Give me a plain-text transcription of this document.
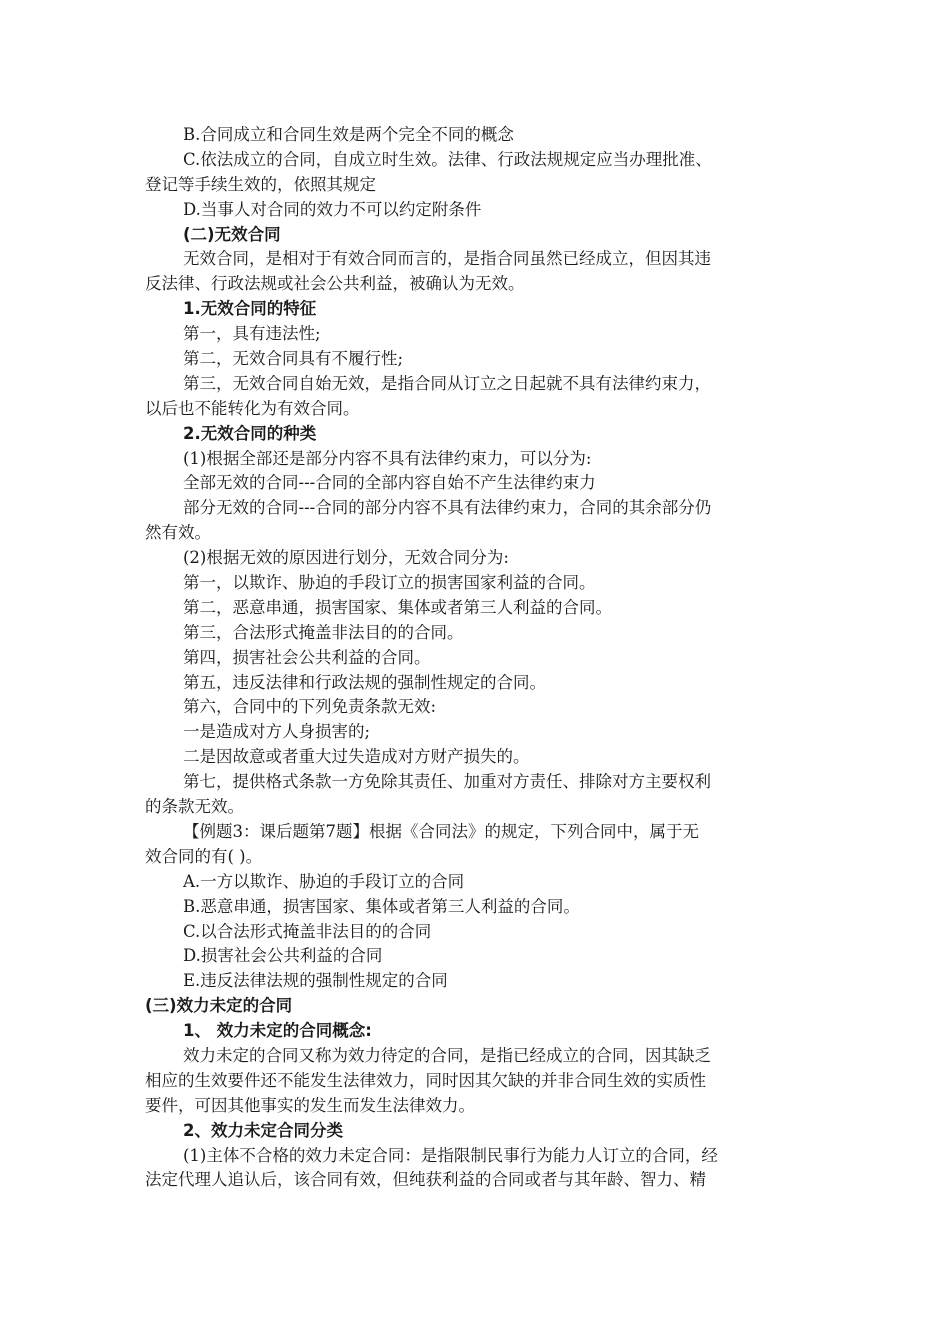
B.合同成立和合同生效是两个完全不同的概念
C.依法成立的合同，自成立时生效。法律、行政法规规定应当办理批准、
登记等手续生效的，依照其规定
D.当事人对合同的效力不可以约定附条件
(二)无效合同
无效合同，是相对于有效合同而言的，是指合同虽然已经成立，但因其违
反法律、行政法规或社会公共利益，被确认为无效。
1.无效合同的特征
第一，具有违法性;
第二，无效合同具有不履行性;
第三，无效合同自始无效，是指合同从订立之日起就不具有法律约束力，
以后也不能转化为有效合同。
2.无效合同的种类
(1)根据全部还是部分内容不具有法律约束力，可以分为:
全部无效的合同---合同的全部内容自始不产生法律约束力
部分无效的合同---合同的部分内容不具有法律约束力，合同的其余部分仍
然有效。
(2)根据无效的原因进行划分，无效合同分为:
第一，以欺诈、胁迫的手段订立的损害国家利益的合同。
第二，恶意串通，损害国家、集体或者第三人利益的合同。
第三，合法形式掩盖非法目的的合同。
第四，损害社会公共利益的合同。
第五，违反法律和行政法规的强制性规定的合同。
第六，合同中的下列免责条款无效:
一是造成对方人身损害的;
二是因故意或者重大过失造成对方财产损失的。
第七，提供格式条款一方免除其责任、加重对方责任、排除对方主要权利
的条款无效。
【例题3：课后题第7题】根据《合同法》的规定，下列合同中，属于无
效合同的有( )。
A.一方以欺诈、胁迫的手段订立的合同
B.恶意串通，损害国家、集体或者第三人利益的合同。
C.以合法形式掩盖非法目的的合同
D.损害社会公共利益的合同
E.违反法律法规的强制性规定的合同
(三)效力未定的合同
1、 效力未定的合同概念:
效力未定的合同又称为效力待定的合同，是指已经成立的合同，因其缺乏
相应的生效要件还不能发生法律效力，同时因其欠缺的并非合同生效的实质性
要件，可因其他事实的发生而发生法律效力。
2、效力未定合同分类
(1)主体不合格的效力未定合同：是指限制民事行为能力人订立的合同，经
法定代理人追认后，该合同有效，但纯获利益的合同或者与其年龄、智力、精
